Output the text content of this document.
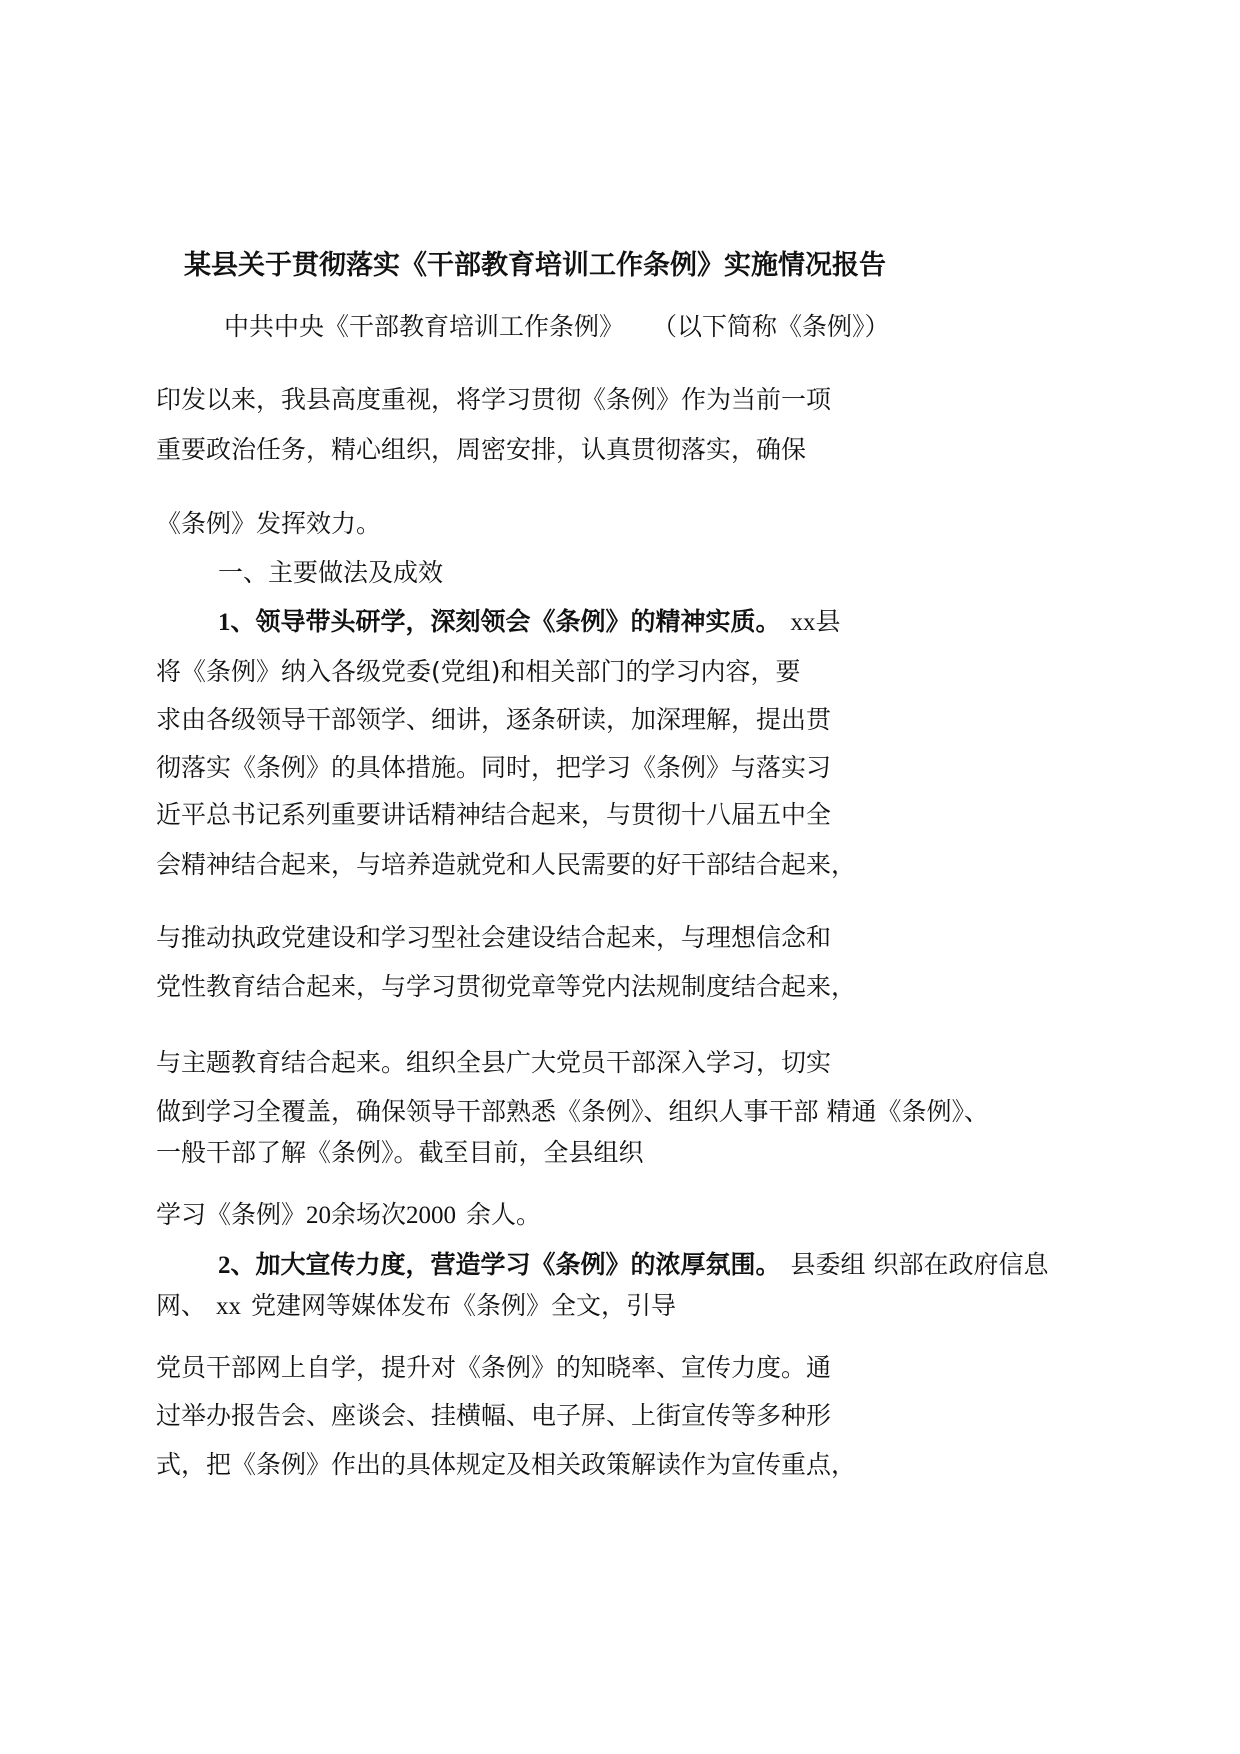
某县关于贯彻落实《干部教育培训工作条例》实施情况报告
中共中央《干部教育培训工作条例》 （以下简称《条例》）
印发以来，我县高度重视，将学习贯彻《条例》作为当前一项
重要政治任务，精心组织，周密安排，认真贯彻落实，确保
《条例》发挥效力。
一、主要做法及成效
1、领导带头研学，深刻领会《条例》的精神实质。 xx县
将《条例》纳入各级党委(党组)和相关部门的学习内容，要
求由各级领导干部领学、细讲，逐条研读，加深理解，提出贯
彻落实《条例》的具体措施。同时，把学习《条例》与落实习
近平总书记系列重要讲话精神结合起来，与贯彻十八届五中全
会精神结合起来，与培养造就党和人民需要的好干部结合起来，
与推动执政党建设和学习型社会建设结合起来，与理想信念和
党性教育结合起来，与学习贯彻党章等党内法规制度结合起来，
与主题教育结合起来。组织全县广大党员干部深入学习，切实
做到学习全覆盖，确保领导干部熟悉《条例》、组织人事干部 精通《条例》、
一般干部了解《条例》。截至目前，全县组织
学习《条例》20余场次2000 余人。
2、加大宣传力度，营造学习《条例》的浓厚氛围。 县委组 织部在政府信息
网、 xx 党建网等媒体发布《条例》全文，引导
党员干部网上自学，提升对《条例》的知晓率、宣传力度。通
过举办报告会、座谈会、挂横幅、电子屏、上街宣传等多种形
式，把《条例》作出的具体规定及相关政策解读作为宣传重点，
